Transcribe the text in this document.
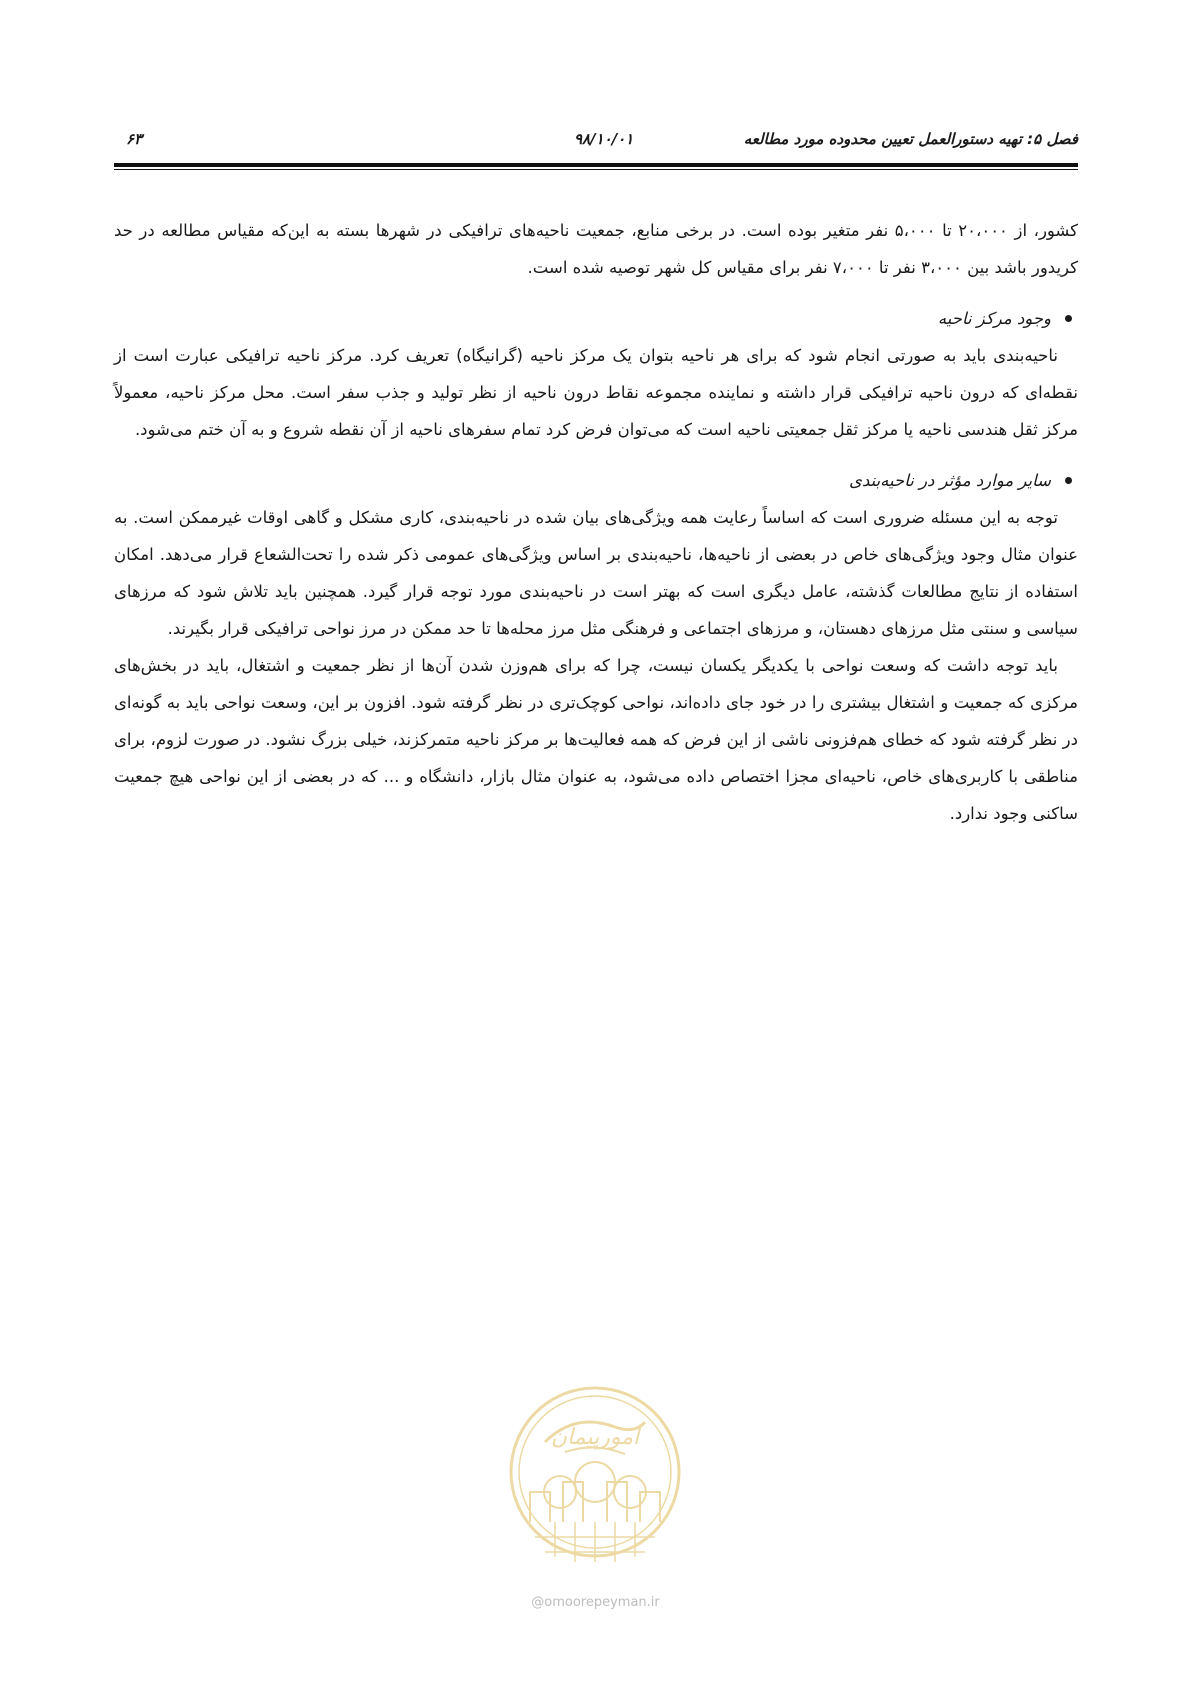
فصل ۵: تهیه دستورالعمل تعیین محدوده مورد مطالعه
۹۸/۱۰/۰۱
۶۳

کشور، از ۲۰،۰۰۰ تا ۵،۰۰۰ نفر متغیر بوده است. در برخی منابع، جمعیت ناحیه‌های ترافیکی در شهرها بسته به این‌که مقیاس مطالعه در حد کریدور باشد بین ۳،۰۰۰ نفر تا ۷،۰۰۰ نفر برای مقیاس کل شهر توصیه شده است.

وجود مرکز ناحیه

ناحیه‌بندی باید به صورتی انجام شود که برای هر ناحیه بتوان یک مرکز ناحیه (گرانیگاه) تعریف کرد. مرکز ناحیه ترافیکی عبارت است از نقطه‌ای که درون ناحیه ترافیکی قرار داشته و نماینده مجموعه نقاط درون ناحیه از نظر تولید و جذب سفر است. محل مرکز ناحیه، معمولاً مرکز ثقل هندسی ناحیه یا مرکز ثقل جمعیتی ناحیه است که می‌توان فرض کرد تمام سفرهای ناحیه از آن نقطه شروع و به آن ختم می‌شود.

سایر موارد مؤثر در ناحیه‌بندی

توجه به این مسئله ضروری است که اساساً رعایت همه ویژگی‌های بیان شده در ناحیه‌بندی، کاری مشکل و گاهی اوقات غیرممکن است. به عنوان مثال وجود ویژگی‌های خاص در بعضی از ناحیه‌ها، ناحیه‌بندی بر اساس ویژگی‌های عمومی ذکر شده را تحت‌الشعاع قرار می‌دهد. امکان استفاده از نتایج مطالعات گذشته، عامل دیگری است که بهتر است در ناحیه‌بندی مورد توجه قرار گیرد. همچنین باید تلاش شود که مرزهای سیاسی و سنتی مثل مرزهای دهستان، و مرزهای اجتماعی و فرهنگی مثل مرز محله‌ها تا حد ممکن در مرز نواحی ترافیکی قرار بگیرند.

باید توجه داشت که وسعت نواحی با یکدیگر یکسان نیست، چرا که برای هم‌وزن شدن آن‌ها از نظر جمعیت و اشتغال، باید در بخش‌های مرکزی که جمعیت و اشتغال بیشتری را در خود جای داده‌اند، نواحی کوچک‌تری در نظر گرفته شود. افزون بر این، وسعت نواحی باید به گونه‌ای در نظر گرفته شود که خطای هم‌فزونی ناشی از این فرض که همه فعالیت‌ها بر مرکز ناحیه متمرکزند، خیلی بزرگ نشود. در صورت لزوم، برای مناطقی با کاربری‌های خاص، ناحیه‌ای مجزا اختصاص داده می‌شود، به عنوان مثال بازار، دانشگاه و ... که در بعضی از این نواحی هیچ جمعیت ساکنی وجود ندارد.

امورپیمان
@omoorepeyman.ir
